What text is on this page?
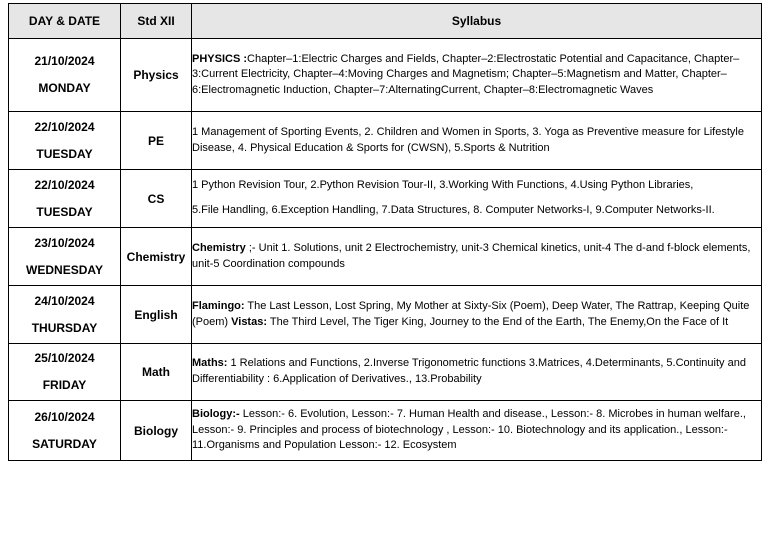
DAY & DATE	Std XII	Syllabus

21/10/2024
MONDAY	Physics	PHYSICS :Chapter–1:Electric Charges and Fields, Chapter–2:Electrostatic Potential and Capacitance, Chapter–3:Current Electricity, Chapter–4:Moving Charges and Magnetism; Chapter–5:Magnetism and Matter, Chapter–6:Electromagnetic Induction, Chapter–7:AlternatingCurrent, Chapter–8:Electromagnetic Waves

22/10/2024
TUESDAY	PE	1 Management of Sporting Events, 2. Children and Women in Sports, 3. Yoga as Preventive measure for Lifestyle Disease, 4. Physical Education & Sports for (CWSN), 5.Sports & Nutrition

22/10/2024
TUESDAY	CS	1 Python Revision Tour, 2.Python Revision Tour-II, 3.Working With Functions, 4.Using Python Libraries,
5.File Handling, 6.Exception Handling, 7.Data Structures, 8. Computer Networks-I, 9.Computer Networks-II.

23/10/2024
WEDNESDAY	Chemistry	Chemistry ;- Unit 1. Solutions, unit 2 Electrochemistry, unit-3 Chemical kinetics, unit-4 The d-and f-block elements, unit-5 Coordination compounds

24/10/2024
THURSDAY	English	Flamingo: The Last Lesson, Lost Spring, My Mother at Sixty-Six (Poem), Deep Water, The Rattrap, Keeping Quite (Poem) Vistas: The Third Level, The Tiger King, Journey to the End of the Earth, The Enemy,On the Face of It

25/10/2024
FRIDAY	Math	Maths: 1 Relations and Functions, 2.Inverse Trigonometric functions 3.Matrices, 4.Determinants, 5.Continuity and Differentiability : 6.Application of Derivatives., 13.Probability

26/10/2024
SATURDAY	Biology	Biology:- Lesson:- 6. Evolution, Lesson:- 7. Human Health and disease., Lesson:- 8. Microbes in human welfare., Lesson:- 9. Principles and process of biotechnology , Lesson:- 10. Biotechnology and its application., Lesson:- 11.Organisms and Population Lesson:- 12. Ecosystem
